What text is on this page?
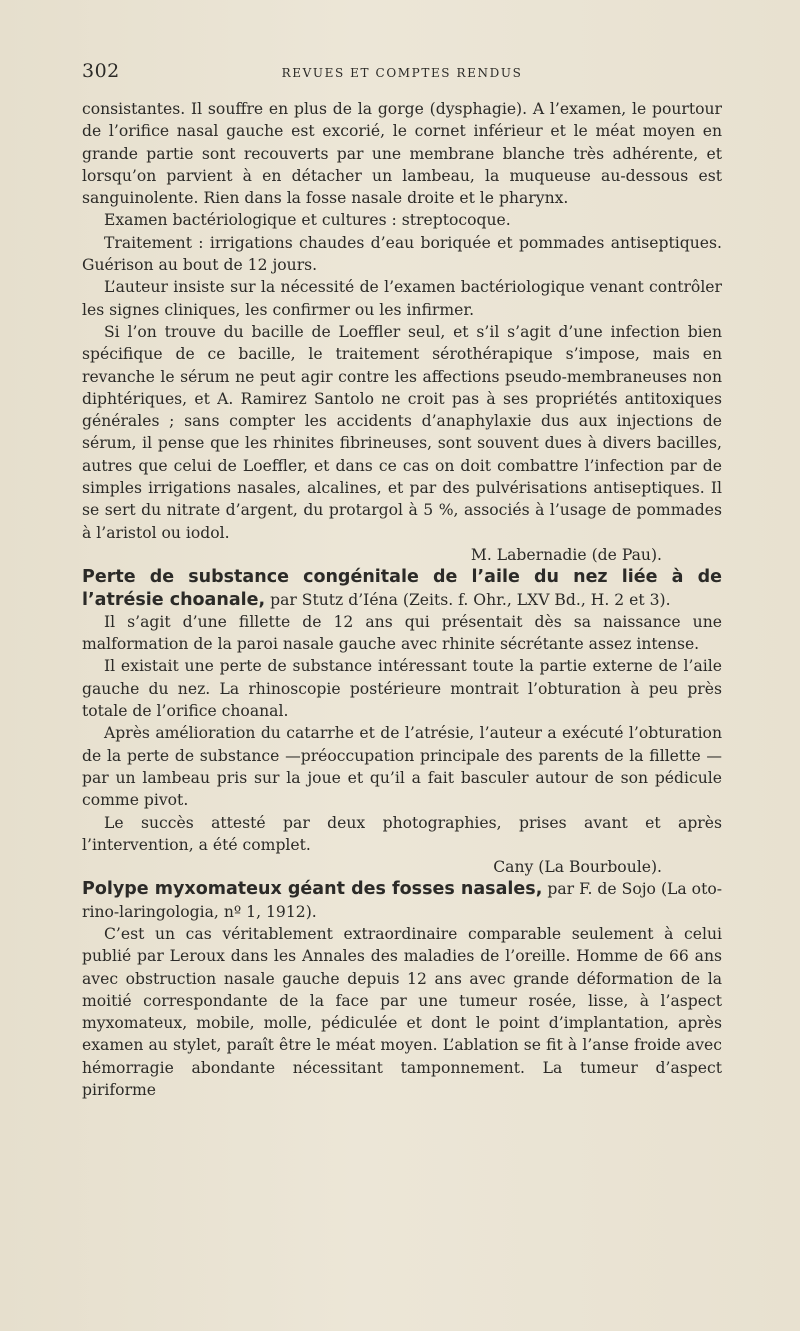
302	REVUES ET COMPTES RENDUS

consistantes. Il souffre en plus de la gorge (dysphagie). A l’examen, le pourtour de l’orifice nasal gauche est excorié, le cornet inférieur et le méat moyen en grande partie sont recouverts par une membrane blanche très adhérente, et lorsqu’on parvient à en détacher un lambeau, la muqueuse au-dessous est sanguinolente. Rien dans la fosse nasale droite et le pharynx.

Examen bactériologique et cultures : streptocoque.

Traitement : irrigations chaudes d’eau boriquée et pommades antiseptiques. Guérison au bout de 12 jours.

L’auteur insiste sur la nécessité de l’examen bactériologique venant contrôler les signes cliniques, les confirmer ou les infirmer.

Si l’on trouve du bacille de Loeffler seul, et s’il s’agit d’une infection bien spécifique de ce bacille, le traitement sérothérapique s’impose, mais en revanche le sérum ne peut agir contre les affections pseudo-membraneuses non diphtériques, et A. Ramirez Santolo ne croit pas à ses propriétés antitoxiques générales ; sans compter les accidents d’anaphylaxie dus aux injections de sérum, il pense que les rhinites fibrineuses, sont souvent dues à divers bacilles, autres que celui de Loeffler, et dans ce cas on doit combattre l’infection par de simples irrigations nasales, alcalines, et par des pulvérisations antiseptiques. Il se sert du nitrate d’argent, du protargol à 5 %, associés à l’usage de pommades à l’aristol ou iodol.

M. Labernadie (de Pau).

Perte de substance congénitale de l’aile du nez liée à de l’atrésie choanale, par Stutz d’Iéna (Zeits. f. Ohr., LXV Bd., H. 2 et 3).

Il s’agit d’une fillette de 12 ans qui présentait dès sa naissance une malformation de la paroi nasale gauche avec rhinite sécrétante assez intense.

Il existait une perte de substance intéressant toute la partie externe de l’aile gauche du nez. La rhinoscopie postérieure montrait l’obturation à peu près totale de l’orifice choanal.

Après amélioration du catarrhe et de l’atrésie, l’auteur a exécuté l’obturation de la perte de substance —préoccupation principale des parents de la fillette — par un lambeau pris sur la joue et qu’il a fait basculer autour de son pédicule comme pivot.

Le succès attesté par deux photographies, prises avant et après l’intervention, a été complet.

Cany (La Bourboule).

Polype myxomateux géant des fosses nasales, par F. de Sojo (La oto-rino-laringologia, nº 1, 1912).

C’est un cas véritablement extraordinaire comparable seulement à celui publié par Leroux dans les Annales des maladies de l’oreille. Homme de 66 ans avec obstruction nasale gauche depuis 12 ans avec grande déformation de la moitié correspondante de la face par une tumeur rosée, lisse, à l’aspect myxomateux, mobile, molle, pédiculée et dont le point d’implantation, après examen au stylet, paraît être le méat moyen. L’ablation se fit à l’anse froide avec hémorragie abondante nécessitant tamponnement. La tumeur d’aspect piriforme
